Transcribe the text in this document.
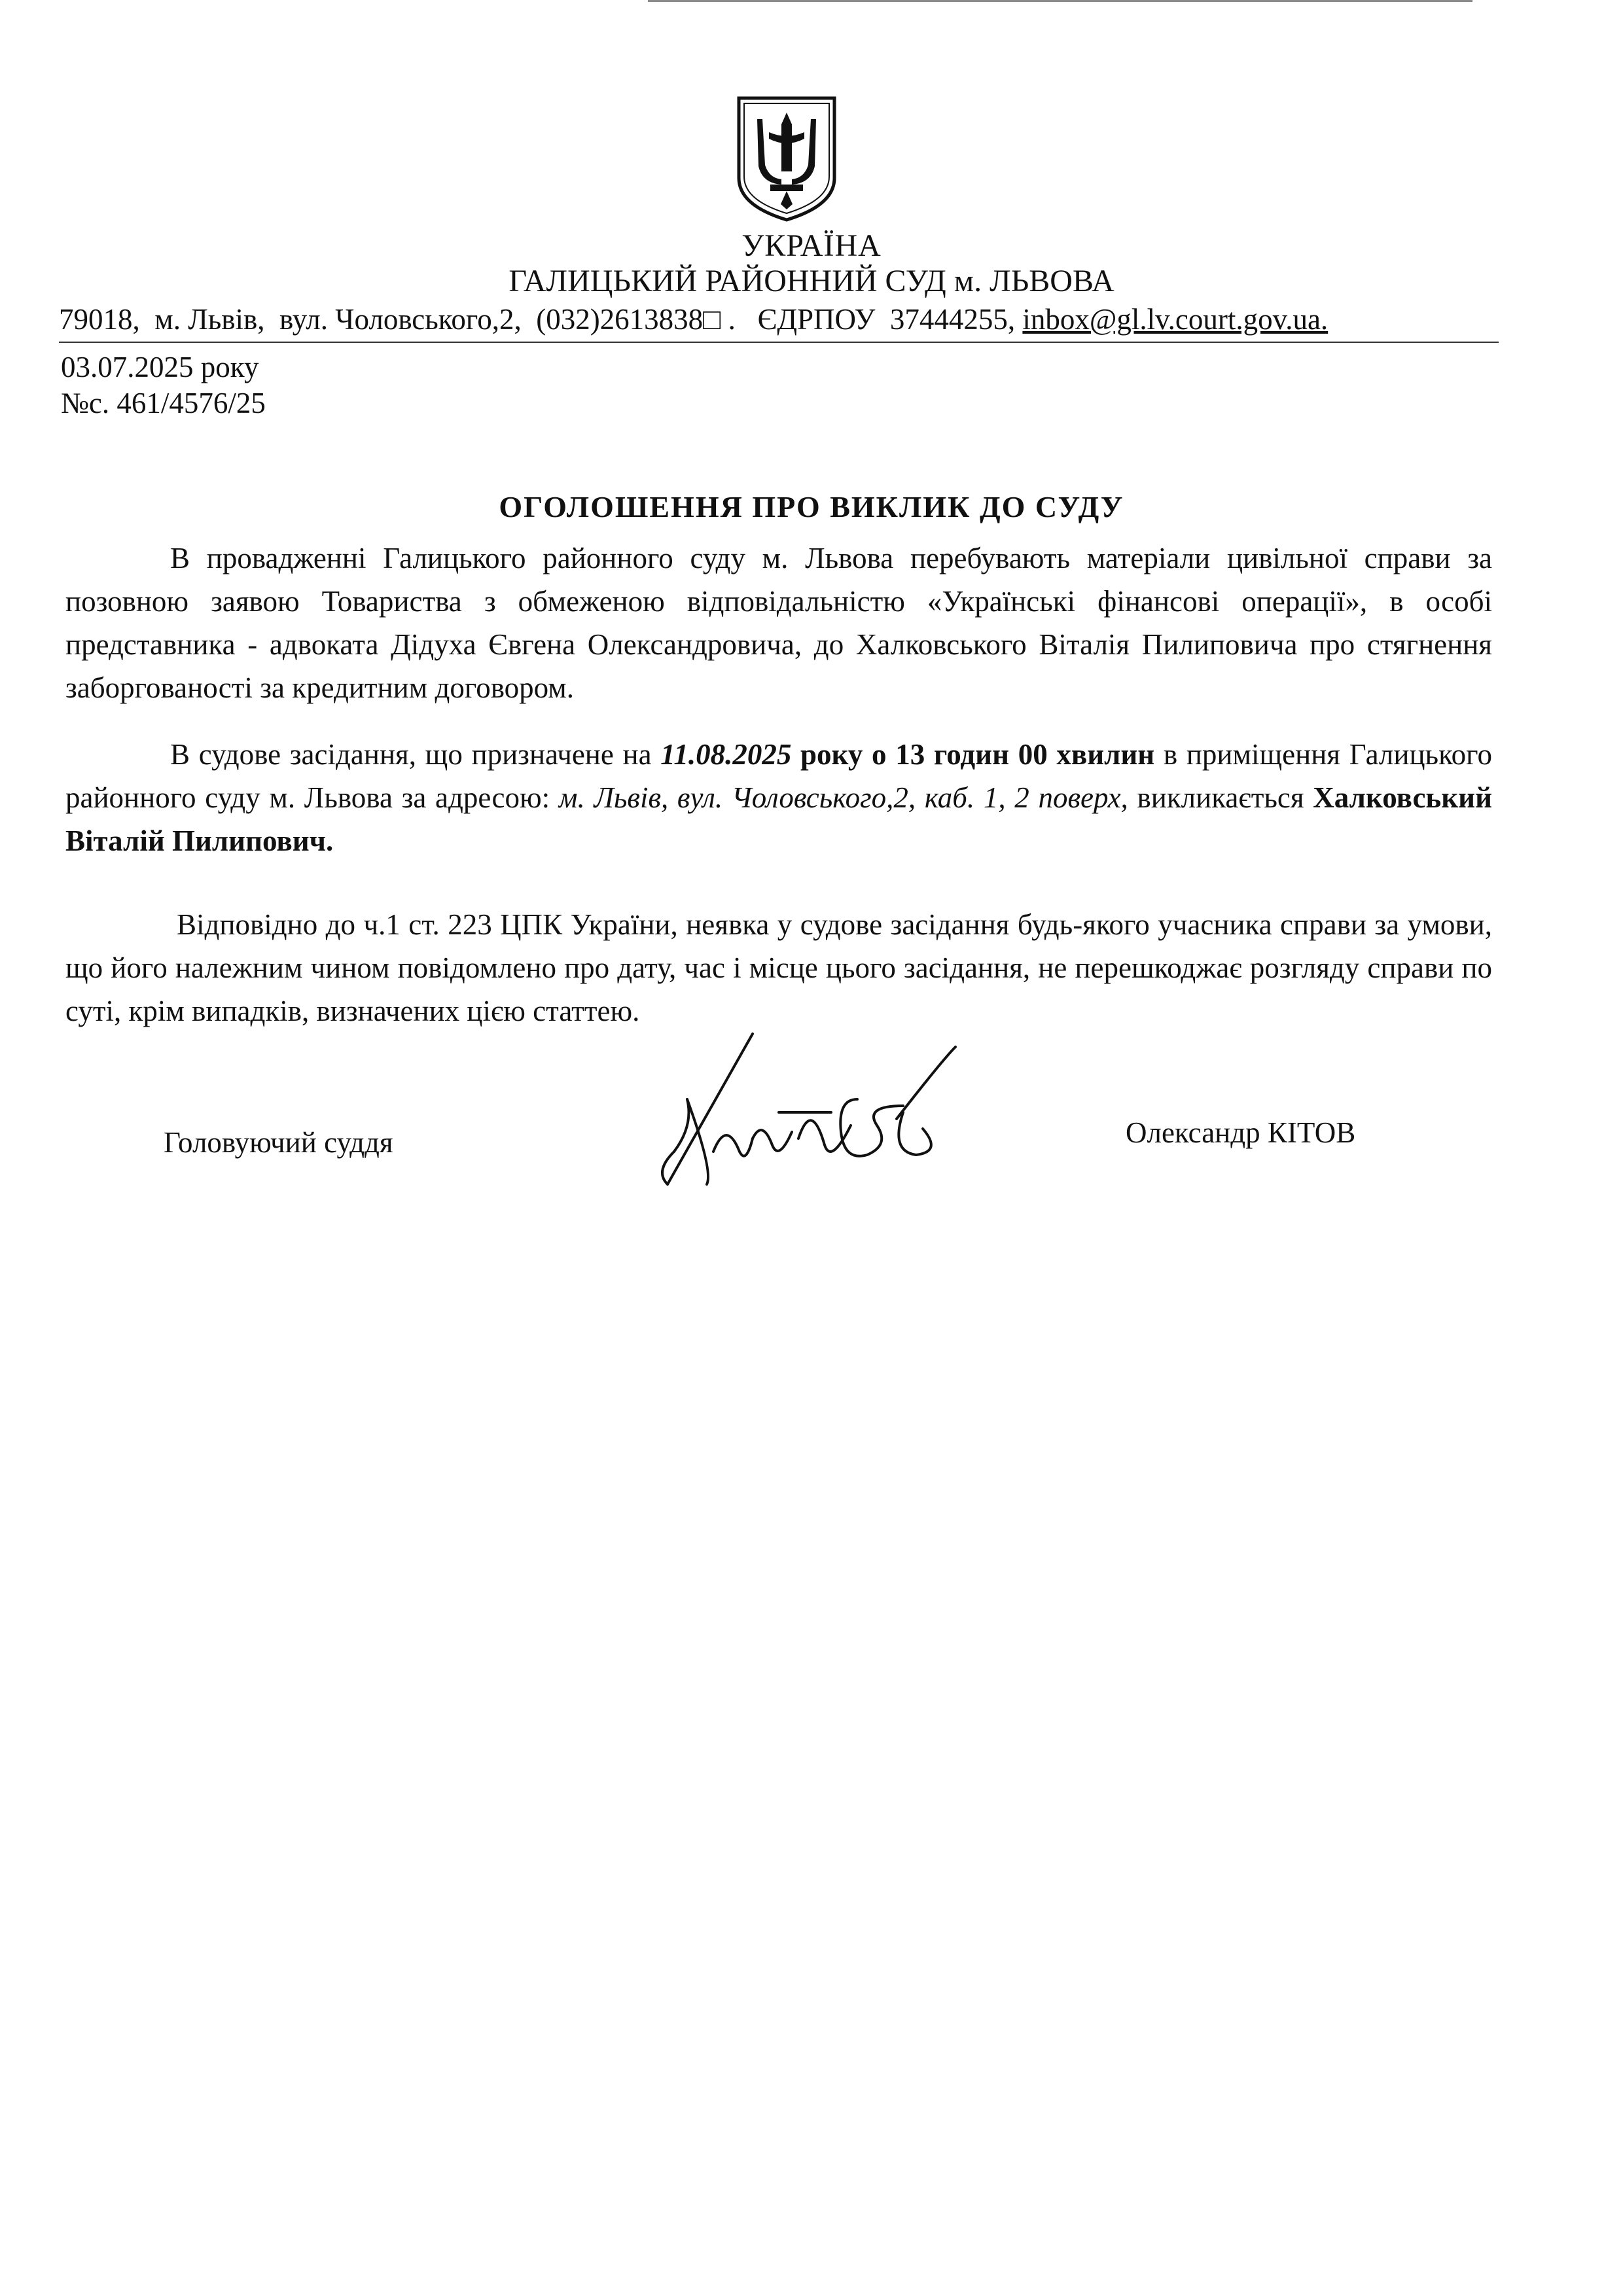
УКРАЇНА
ГАЛИЦЬКИЙ РАЙОННИЙ СУД м. ЛЬВОВА
79018,  м. Львів,  вул. Чоловського,2,  (032)2613838□ .   ЄДРПОУ  37444255, inbox@gl.lv.court.gov.ua.
03.07.2025 року
№с. 461/4576/25
ОГОЛОШЕННЯ ПРО ВИКЛИК ДО СУДУ
В провадженні Галицького районного суду м. Львова перебувають матеріали цивільної справи за позовною заявою Товариства з обмеженою відповідальністю «Українські фінансові операції», в особі представника - адвоката Дідуха Євгена Олександровича, до Халковського Віталія Пилиповича про стягнення заборгованості за кредитним договором.
В судове засідання, що призначене на 11.08.2025 року о 13 годин 00 хвилин в приміщення Галицького районного суду м. Львова за адресою: м. Львів, вул. Чоловського,2, каб. 1, 2 поверх, викликається Халковський Віталій Пилипович.
Відповідно до ч.1 ст. 223 ЦПК України, неявка у судове засідання будь-якого учасника справи за умови, що його належним чином повідомлено про дату, час і місце цього засідання, не перешкоджає розгляду справи по суті, крім випадків, визначених цією статтею.
Головуючий суддя	Олександр КІТОВ
